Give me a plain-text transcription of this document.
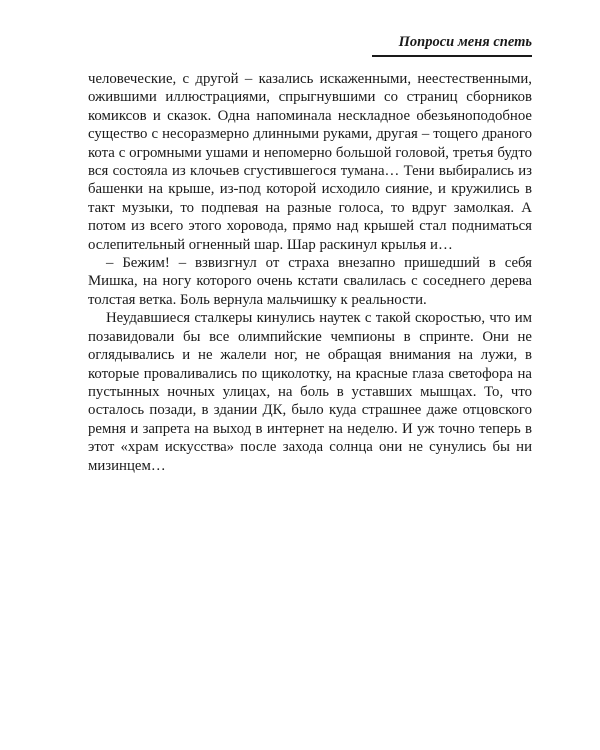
Попроси меня спеть

человеческие, с другой – казались искаженными, неестественными, ожившими иллюстрациями, спрыгнувшими со страниц сборников комиксов и сказок. Одна напоминала нескладное обезьяноподобное существо с несоразмерно длинными руками, другая – тощего драного кота с огромными ушами и непомерно большой головой, третья будто вся состояла из клочьев сгустившегося тумана… Тени выбирались из башенки на крыше, из-под которой исходило сияние, и кружились в такт музыки, то подпевая на разные голоса, то вдруг замолкая. А потом из всего этого хоровода, прямо над крышей стал подниматься ослепительный огненный шар. Шар раскинул крылья и…

– Бежим! – взвизгнул от страха внезапно пришедший в себя Мишка, на ногу которого очень кстати свалилась с соседнего дерева толстая ветка. Боль вернула мальчишку к реальности.

Неудавшиеся сталкеры кинулись наутек с такой скоростью, что им позавидовали бы все олимпийские чемпионы в спринте. Они не оглядывались и не жалели ног, не обращая внимания на лужи, в которые проваливались по щиколотку, на красные глаза светофора на пустынных ночных улицах, на боль в уставших мышцах. То, что осталось позади, в здании ДК, было куда страшнее даже отцовского ремня и запрета на выход в интернет на неделю. И уж точно теперь в этот «храм искусства» после захода солнца они не сунулись бы ни мизинцем…
